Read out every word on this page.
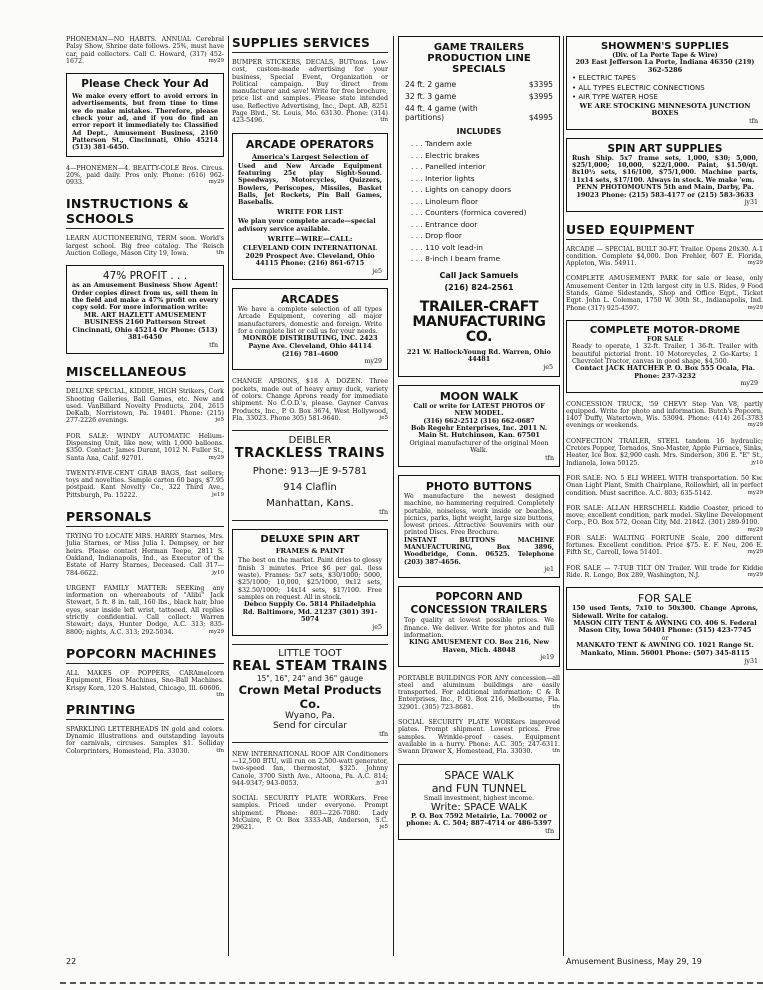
PHONEMAN—NO HABITS. ANNUAL Cerebral Palsy Show, Shrine date follows. 25%, must have car, paid collectors. Call C. Howard, (317) 452-1672.	my29

Please Check Your Ad
We make every effort to avoid errors in advertisements, but from time to time we do make mistakes. Therefore, please check your ad, and if you do find an error report it immediately to: Classified Ad Dept., Amusement Business, 2160 Patterson St., Cincinnati, Ohio 45214 (513) 381-6450.

4—PHONEMEN—4. BEATTY-COLE Bros. Circus. 20%, paid daily. Pros only. Phone: (616) 962-0933.	my29

INSTRUCTIONS & SCHOOLS

LEARN AUCTIONEERING, TERM soon. World's largest school. Big free catalog. The Reisch Auction College, Mason City 19, Iowa.	tfn

47% PROFIT . . .
as an Amusement Business Show Agent! Order copies direct from us, sell them in the field and make a 47% profit on every copy sold. For more information write:
MR. ART HAZLETT AMUSEMENT BUSINESS 2160 Patterson Street Cincinnati, Ohio 45214 Or Phone: (513) 381-6450
tfn
MISCELLANEOUS

DELUXE SPECIAL, KIDDIE, HIGH Strikers, Cork Shooting Galleries, Ball Games, etc. New and used. VanBillard Novelty Products, 204, 2615 DeKalb, Norristown, Pa. 19401. Phone: (215) 277-2226 evenings.	je5

FOR SALE: WINDY AUTOMATIC Helium-Dispensing Unit, like new, with 1,000 balloons. $350. Contact: James Durant, 1012 N. Fuller St., Santa Ana, Calif. 92701.	my29

TWENTY-FIVE-CENT GRAB BAGS, fast sellers; toys and novelties. Sample carton 60 bags, $7.95 postpaid. Kant Novelty Co., 322 Third Ave., Pittsburgh, Pa. 15222.	je19

PERSONALS

TRYING TO LOCATE MRS. HARRY Starnes, Mrs. Julia Starnes, or Miss Julia I. Dempsey, or her heirs. Please contact Herman Teepe, 2811 S. Oakland, Indianapolis, Ind., as Executor of the Estate of Harry Starnes, Deceased. Call 317—784-6622.	jy10

URGENT FAMILY MATTER: SEEKing any information on whereabouts of "Alibi" Jack Stewart, 5 ft. 8 in. tall, 160 lbs., black hair, blue eyes, scar inside left wrist, tattooed. All replies strictly confidential. Call collect: Warren Stewart; days, Hunter Dodge, A.C. 313; 835-8800; nights, A.C. 313; 292-5034.	my29

POPCORN MACHINES

ALL MAKES OF POPPERS, CARAmelcorn Equipment, Floss Machines, Sno-Ball Machines. Krispy Korn, 120 S. Halsted, Chicago, Ill. 60606.
tfn

PRINTING

SPARKLING LETTERHEADS IN gold and colors. Dynamic illustrations and outstanding layouts for carnivals, circuses. Samples $1. Solliday Colorprinters, Homestead, Fla. 33030.	tfn

SUPPLIES SERVICES

BUMPER STICKERS, DECALS, BUTtons. Low-cost, custom-made advertising for your business, Special Event, Organization or Political campaign. Buy direct from manufacturer and save! Write for free brochure, price list and samples. Please state intended use. Reflective Advertising, Inc., Dept. AB, 8251 Page Blvd., St. Louis, Mo. 63130. Phone: (314) 423-5496.	tfn

ARCADE OPERATORS
America's Largest Selection of
Used and New Arcade Equipment featuring 25¢ play Sight-Sound. Speedways, Motorcycles, Quizzers, Bowlers, Periscopes, Missiles, Basket Balls, Jet Rockets, Pin Ball Games, Baseballs.
WRITE FOR LIST
We plan your complete arcade—special advisory service available.
WRITE—WIRE—CALL:
CLEVELAND COIN INTERNATIONAL 2029 Prospect Ave. Cleveland, Ohio 44115 Phone: (216) 861-6715
je5
ARCADES
We have a complete selection of all types Arcade Equipment, covering all major manufacturers, domestic and foreign. Write for a complete list or call us for your needs.
MONROE DISTRIBUTING, INC. 2423 Payne Ave. Cleveland, Ohio 44114 (216) 781-4600
my29

CHANGE APRONS, $18 A DOZEN. Three pockets, made out of heavy army duck, variety of colors. Change Aprons ready for immediate shipment. No C.O.D.'s, please. Gayner Canvas Products, Inc., P. O. Box 3674, West Hollywood, Fla. 33023. Phone 305) 581-9640.	je5

DEIBLER
TRACKLESS TRAINS
Phone: 913—JE 9-5781
914 Claflin
Manhattan, Kans.
tfn
DELUXE SPIN ART
FRAMES & PAINT
The best on the market. Paint dries to glossy finish 3 minutes. Price $6 per gal. (less waste). Frames: 5x7 sets, $30/1000; 5000, $25/1000; 10,000, $25/1000, 9x12 sets, $32.50/1000; 14x14 sets, $17/100. Free samples on request. All in stock.
Debco Supply Co. 5814 Philadelphia Rd. Baltimore, Md. 21237 (301) 391-5074
je5
LITTLE TOOT
REAL STEAM TRAINS
15", 16", 24" and 36" gauge
Crown Metal Products Co.
Wyano, Pa.
Send for circular
tfn

NEW INTERNATIONAL ROOF AIR Conditioners—12,500 BTU, will run on 2,500-watt generator, two-speed fan, thermostat, $325. Johnny Canole, 3700 Sixth Ave., Altoona, Pa. A.C. 814; 944-9347; 943-0053.	jy31

SOCIAL SECURITY PLATE WORKers. Free samples. Priced under everyone. Prompt shipment. Phone: 803—226-7080. Lady McGuire, P. O. Box 3333-AB, Anderson, S.C. 29621.	je5

GAME TRAILERS
PRODUCTION LINE SPECIALS
24 ft. 2 game	$3395
32 ft. 3 game	$3995
44 ft. 4 game (with partitions)	$4995
INCLUDES
. . . Tandem axle
. . . Electric brakes
. . . Panelled interior
. . . Interior lights
. . . Lights on canopy doors
. . . Linoleum floor
. . . Counters (formica covered)
. . . Entrance door
. . . Drop floor
. . . 110 volt lead-in
. . . 8-inch I beam frame
Call Jack Samuels
(216) 824-2561
TRAILER-CRAFT MANUFACTURING CO.
221 W. Hallock-Young Rd. Warren, Ohio 44481
je5
MOON WALK
Call or write for LATEST PHOTOS OF NEW MODEL.
(316) 662-2512 (316) 662-0687
Bob Regehr Enterprises, Inc. 2011 N. Main St. Hutchinson, Kan. 67501
Original manufacturer of the original Moon Walk.
tfn
PHOTO BUTTONS
We manufacture the newest designed machine, no hammering required. Completely portable, noiseless, work inside or beaches, picnics, parks, light weight, large size buttons, lowest prices. Attractive Souvenirs with our printed Discs. Free Brochure.
INSTANT BUTTONS MACHINE MANUFACTURING, Box 3896, Woodbridge, Conn. 06525. Telephone (203) 387-4656.
je1
POPCORN AND CONCESSION TRAILERS
Top quality at lowest possible prices. We finance. We deliver. Write for photos and full information.
KING AMUSEMENT CO. Box 216, New Haven, Mich. 48048
je19

PORTABLE BUILDINGS FOR ANY concession—all steel and aluminum buildings are easily transported. For additional information: C & R Enterprises, Inc., P. O. Box 216, Melbourne, Fla. 32901. (305) 723-8681.	tfn

SOCIAL SECURITY PLATE WORKers improved plates. Prompt shipment. Lowest prices. Free samples. Wrinkle-proof cases. Equipment available in a hurry. Phone: A.C. 305; 247-6311. Swann Drawer X, Homestead, Fla. 33030.	tfn

SPACE WALK
and FUN TUNNEL
Small investment, highest income.
Write: SPACE WALK
P. O. Box 7592 Metairie, La. 70002 or phone: A. C. 504; 887-4714 or 486-5397
tfn
SHOWMEN'S SUPPLIES
(Div. of La Porte Tape & Wire)
203 East Jefferson La Porte, Indiana 46350 (219) 362-5286
• ELECTRIC TAPES
• ALL TYPES ELECTRIC CONNECTIONS
• AIR TYPE WATER HOSE
WE ARE STOCKING MINNESOTA JUNCTION BOXES
tfn
SPIN ART SUPPLIES
Rush Ship. 5x7 frame sets, 1,000, $30; 5,000, $25/1,000; 10,000, $22/1,000. Paint, $1.50/qt. 8x10½ sets, $16/100, $75/1,000. Machine parts, 11x14 sets, $17/100. Always in stock. We make 'em.
PENN PHOTOMOUNTS 5th and Main, Darby, Pa. 19023 Phone: (215) 583-4177 or (215) 583-3633
jy31
USED EQUIPMENT

ARCADE — SPECIAL BUILT 30-FT. Trailer. Opens 20x30. A-1 condition. Complete $4,000. Don Frehler, 607 E. Florida, Appleton, Wis. 54911.	my29

COMPLETE AMUSEMENT PARK for sale or lease, only Amusement Center in 12th largest city in U.S. Rides, 9 Food Stands, Game Sidestands, Shop and Office Eqpt., Ticket Eqpt. John L. Coleman, 1750 W. 30th St., Indianapolis, Ind. Phone (317) 925-4597.	my29

COMPLETE MOTOR-DROME
FOR SALE
Ready to operate, 1 32-ft. Trailer, 1 36-ft. Trailer with beautiful pictorial front. 10 Motorcycles, 2 Go-Karts; 1 Chevrolet Tractor, canvas in good shape, $4,500.
Contact JACK HATCHER P. O. Box 555 Ocala, Fla. Phone: 237-3232
my29

CONCESSION TRUCK, '59 CHEVY Step Van V8, partly equipped. Write for photo and information. Butch's Popcorn, 1407 Duffy, Watertown, Wis. 53094. Phone: (414) 261-3783 evenings or weekends.	my29

CONFECTION TRAILER, STEEL tandem 16 hydraulic; Cretors Popper, Tornados, Sno-Master, Apple Furnace, Sinks, Heater, Ice Box. $2,900 cash. Mrs. Sinderson, 306 E. "E" St., Indianola, Iowa 50125.	jy10

FOR SALE: NO. 5 ELI WHEEL WITH transportation. 50 Kw. Onan Light Plant, Smith Chairplane, Rollowhirl, all in perfect condition. Must sacrifice. A.C. 803; 635-5142.	my29

FOR SALE: ALLAN HERSCHELL Kiddie Coaster, priced to move; excellent condition, park model. Skyline Development Corp., P.O. Box 572, Ocean City, Md. 21842. (301) 289-9100.
my29

FOR SALE: WALTING FORTUNE Scale, 200 different fortunes. Excellent condition. Price $75. E. F. Neu, 206 E. Fifth St., Carroll, Iowa 51401.	my29

FOR SALE — 7-TUB TILT ON Trailer. Will trade for Kiddie Ride. R. Longo, Box 289, Washington, N.J.	my29

FOR SALE
150 used Tents, 7x10 to 50x300. Change Aprons, Sidewall. Write for catalog.
MASON CITY TENT & AWNING CO. 406 S. Federal Mason City, Iowa 50401 Phone: (515) 423-7745
or
MANKATO TENT & AWNING CO. 1021 Range St. Mankato, Minn. 56001 Phone: (507) 345-8115
jy31
22	Amusement Business, May 29, 19
